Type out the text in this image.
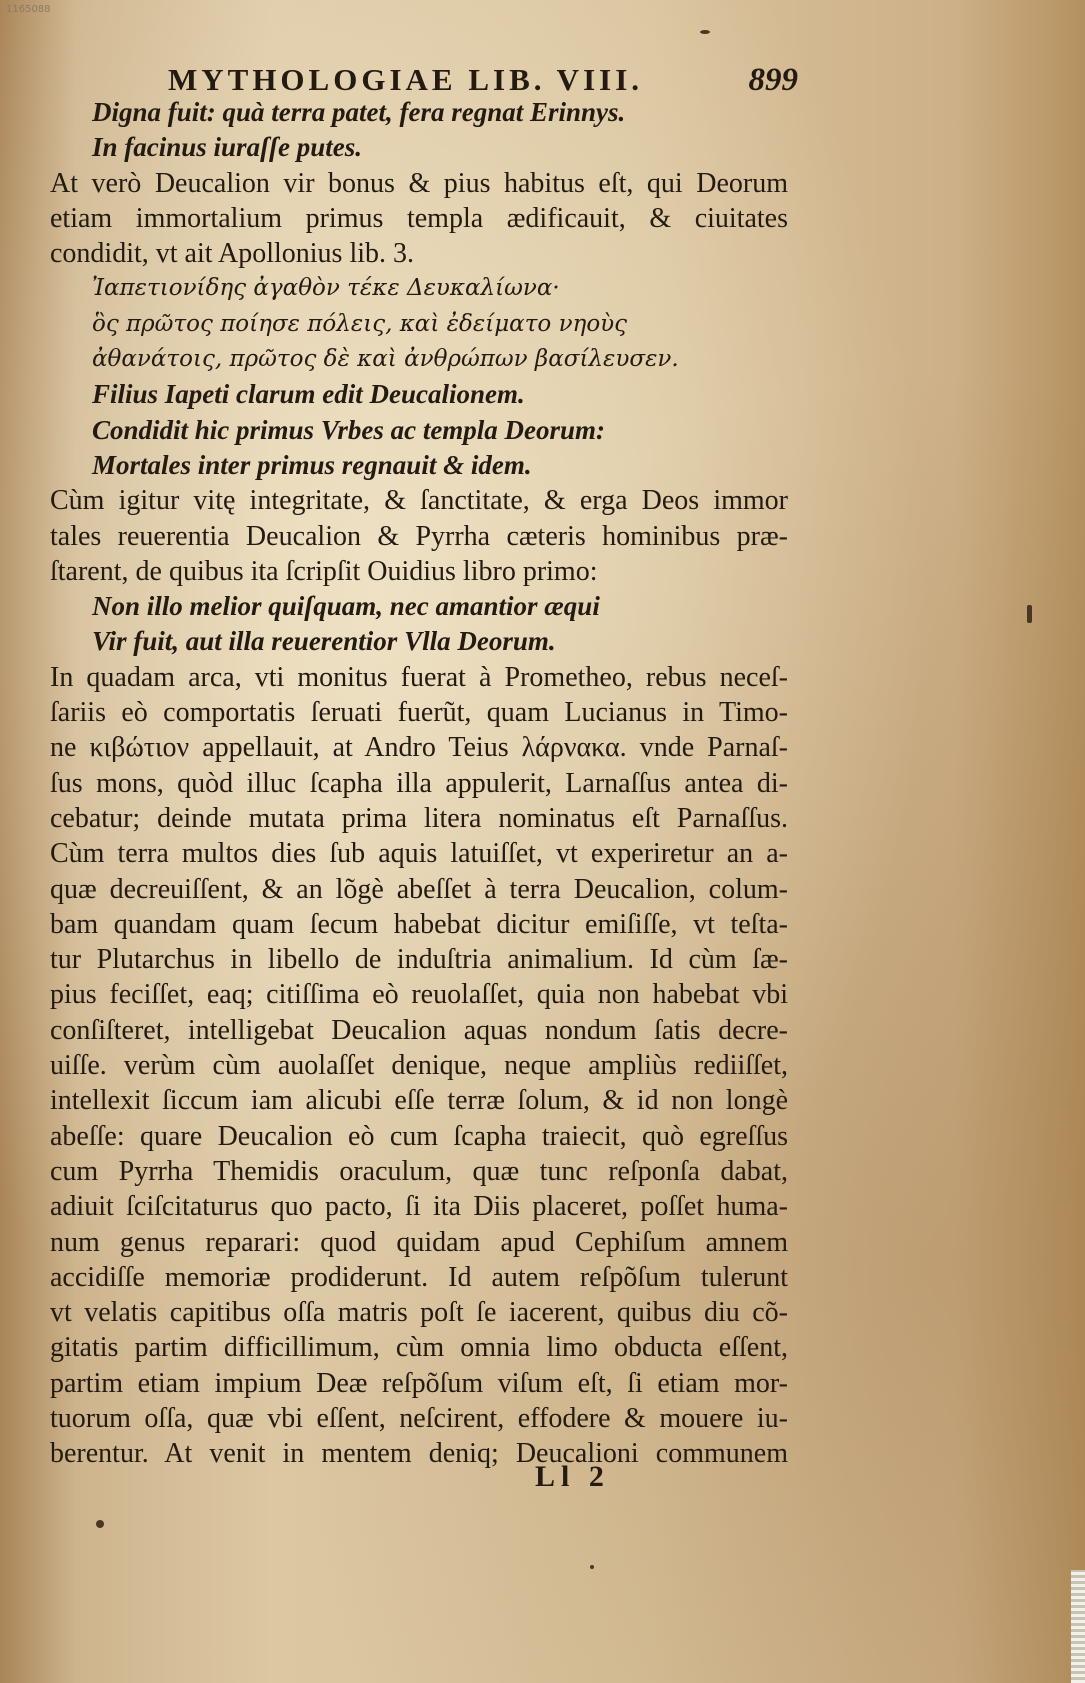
1165088
MYTHOLOGIAE LIB. VIII.	899
Digna fuit: quà terra patet, fera regnat Erinnys.
In facinus iuraſſe putes.
At verò Deucalion vir bonus & pius habitus eſt, qui Deorum
etiam immortalium primus templa ædificauit, & ciuitates
condidit, vt ait Apollonius lib. 3.
Ἰαπετιονίδης ἀγαθὸν τέκε Δευκαλίωνα·
ὃς πρῶτος ποίησε πόλεις, καὶ ἐδείματο νηοὺς
ἀθανάτοις, πρῶτος δὲ καὶ ἀνθρώπων βασίλευσεν.
Filius Iapeti clarum edit Deucalionem.
Condidit hic primus Vrbes ac templa Deorum:
Mortales inter primus regnauit & idem.
Cùm igitur vitę integritate, & ſanctitate, & erga Deos immor
tales reuerentia Deucalion & Pyrrha cæteris hominibus præ-
ſtarent, de quibus ita ſcripſit Ouidius libro primo:
Non illo melior quiſquam, nec amantior æqui
Vir fuit, aut illa reuerentior Vlla Deorum.
In quadam arca, vti monitus fuerat à Prometheo, rebus neceſ-
ſariis eò comportatis ſeruati fuerũt, quam Lucianus in Timo-
ne κιβώτιον appellauit, at Andro Teius λάρνακα. vnde Parnaſ-
ſus mons, quòd illuc ſcapha illa appulerit, Larnaſſus antea di-
cebatur; deinde mutata prima litera nominatus eſt Parnaſſus.
Cùm terra multos dies ſub aquis latuiſſet, vt experiretur an a-
quæ decreuiſſent, & an lõgè abeſſet à terra Deucalion, colum-
bam quandam quam ſecum habebat dicitur emiſiſſe, vt teſta-
tur Plutarchus in libello de induſtria animalium. Id cùm ſæ-
pius feciſſet, eaq; citiſſima eò reuolaſſet, quia non habebat vbi
conſiſteret, intelligebat Deucalion aquas nondum ſatis decre-
uiſſe. verùm cùm auolaſſet denique, neque ampliùs rediiſſet,
intellexit ſiccum iam alicubi eſſe terræ ſolum, & id non longè
abeſſe: quare Deucalion eò cum ſcapha traiecit, quò egreſſus
cum Pyrrha Themidis oraculum, quæ tunc reſponſa dabat,
adiuit ſciſcitaturus quo pacto, ſi ita Diis placeret, poſſet huma-
num genus reparari: quod quidam apud Cephiſum amnem
accidiſſe memoriæ prodiderunt. Id autem reſpõſum tulerunt
vt velatis capitibus oſſa matris poſt ſe iacerent, quibus diu cõ-
gitatis partim difficillimum, cùm omnia limo obducta eſſent,
partim etiam impium Deæ reſpõſum viſum eſt, ſi etiam mor-
tuorum oſſa, quæ vbi eſſent, neſcirent, effodere & mouere iu-
berentur. At venit in mentem deniq; Deucalioni communem
Ll 2
